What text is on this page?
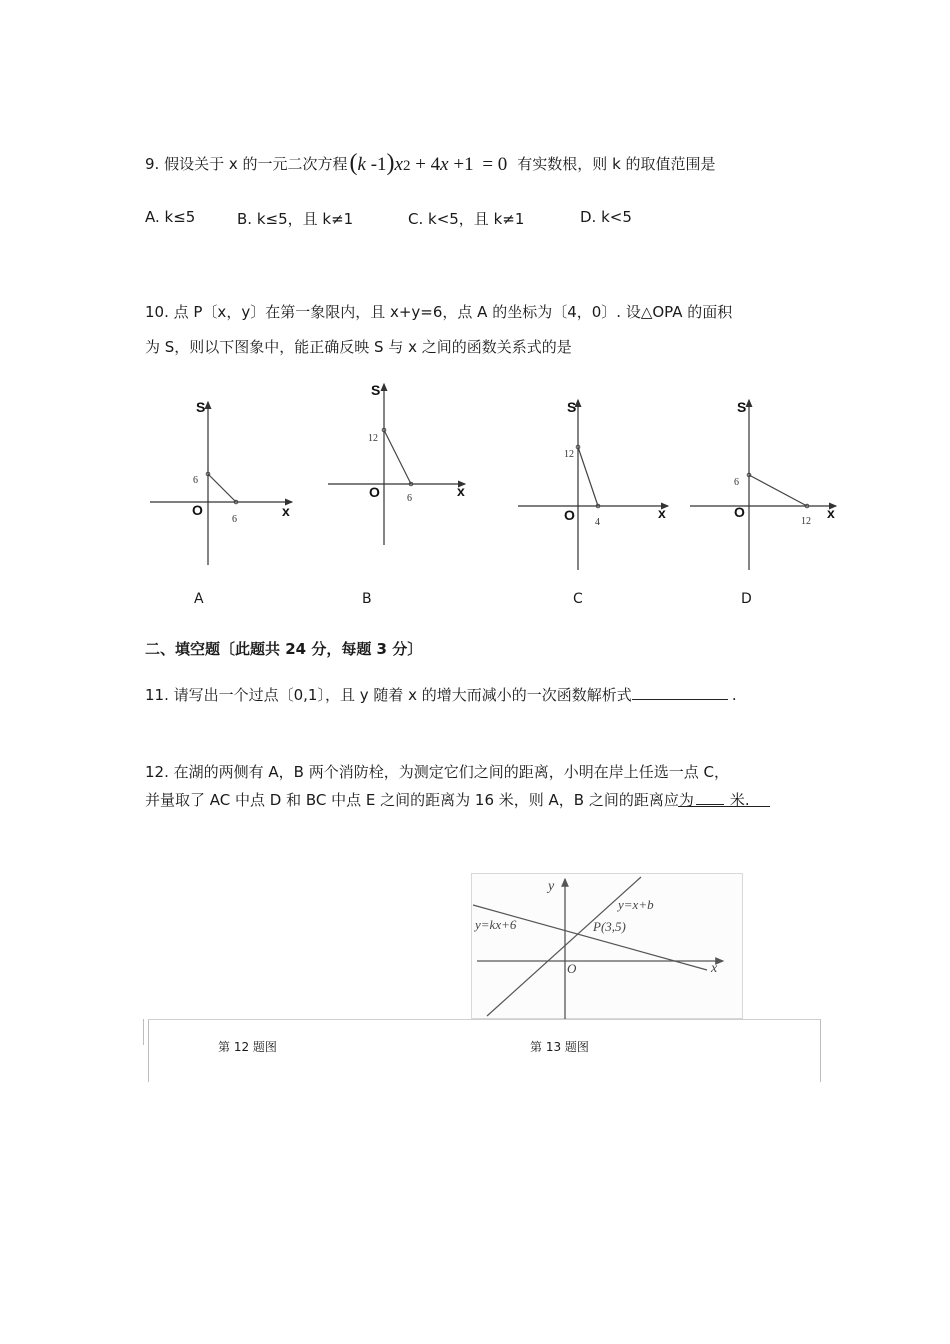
9. 假设关于 x 的一元二次方程 (k -1)x2 + 4x +1 = 0 有实数根，则 k 的取值范围是
A. k≤5	B. k≤5，且 k≠1	C. k<5，且 k≠1	D. k<5
10. 点 P〔x，y〕在第一象限内，且 x+y=6，点 A 的坐标为〔4，0〕. 设△OPA 的面积
为 S，则以下图象中，能正确反映 S 与 x 之间的函数关系式的是
S
x
O
6
6
S
x
O
12
6
S
x
O
12
4
S
x
O
6
12
A	B	C	D
二、填空题〔此题共 24 分，每题 3 分〕
11. 请写出一个过点〔0,1〕，且 y 随着 x 的增大而减小的一次函数解析式	.
12. 在湖的两侧有 A，B 两个消防栓，为测定它们之间的距离，小明在岸上任选一点 C，
并量取了 AC 中点 D 和 BC 中点 E 之间的距离为 16 米，则 A，B 之间的距离应为 米.
y
x
O
y=x+b
y=kx+6	P(3,5)
第 12 题图	第 13 题图
